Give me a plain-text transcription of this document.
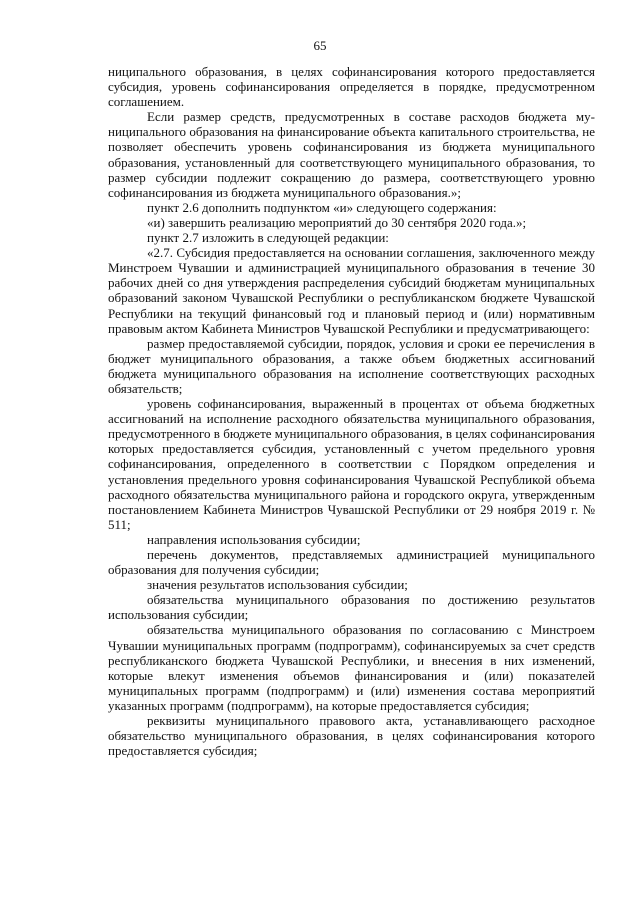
65

ниципального образования, в целях софинансирования которого предоставляется субсидия, уровень софинансирования определяется в порядке, предусмотренном соглашением.

Если размер средств, предусмотренных в составе расходов бюджета муниципального образования на финансирование объекта капитального строительства, не позволяет обеспечить уровень софинансирования из бюджета муниципального образования, установленный для соответствующего муниципального образования, то размер субсидии подлежит сокращению до размера, соответствующего уровню софинансирования из бюджета муниципального образования.»;

пункт 2.6 дополнить подпунктом «и» следующего содержания:

«и) завершить реализацию мероприятий до 30 сентября 2020 года.»;

пункт 2.7 изложить в следующей редакции:

«2.7. Субсидия предоставляется на основании соглашения, заключенного между Минстроем Чувашии и администрацией муниципального образования в течение 30 рабочих дней со дня утверждения распределения субсидий бюджетам муниципальных образований законом Чувашской Республики о республиканском бюджете Чувашской Республики на текущий финансовый год и плановый период и (или) нормативным правовым актом Кабинета Министров Чувашской Республики и предусматривающего:

размер предоставляемой субсидии, порядок, условия и сроки ее перечисления в бюджет муниципального образования, а также объем бюджетных ассигнований бюджета муниципального образования на исполнение соответствующих расходных обязательств;

уровень софинансирования, выраженный в процентах от объема бюджетных ассигнований на исполнение расходного обязательства муниципального образования, предусмотренного в бюджете муниципального образования, в целях софинансирования которых предоставляется субсидия, установленный с учетом предельного уровня софинансирования, определенного в соответствии с Порядком определения и установления предельного уровня софинансирования Чувашской Республикой объема расходного обязательства муниципального района и городского округа, утвержденным постановлением Кабинета Министров Чувашской Республики от 29 ноября 2019 г. № 511;

направления использования субсидии;

перечень документов, представляемых администрацией муниципального образования для получения субсидии;

значения результатов использования субсидии;

обязательства муниципального образования по достижению результатов использования субсидии;

обязательства муниципального образования по согласованию с Минстроем Чувашии муниципальных программ (подпрограмм), софинансируемых за счет средств республиканского бюджета Чувашской Республики, и внесения в них изменений, которые влекут изменения объемов финансирования и (или) показателей муниципальных программ (подпрограмм) и (или) изменения состава мероприятий указанных программ (подпрограмм), на которые предоставляется субсидия;

реквизиты муниципального правового акта, устанавливающего расходное обязательство муниципального образования, в целях софинансирования которого предоставляется субсидия;
